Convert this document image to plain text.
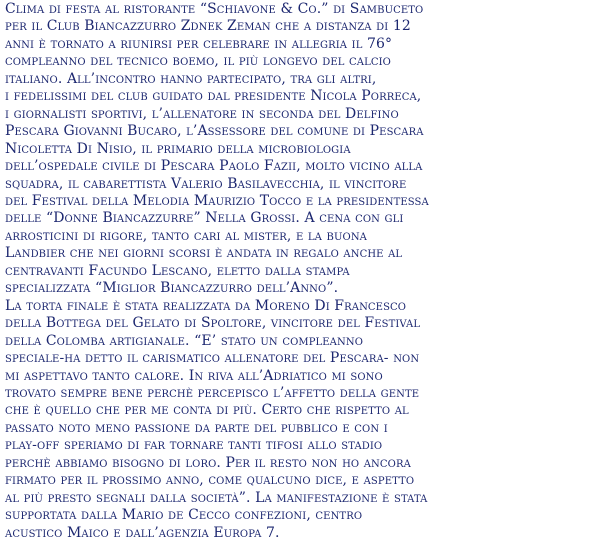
Clima di festa al ristorante “Schiavone & Co.” di Sambuceto
per il Club Biancazzurro Zdnek Zeman che a distanza di 12
anni è tornato a riunirsi per celebrare in allegria il 76°
compleanno del tecnico boemo, il più longevo del calcio
italiano. All’incontro hanno partecipato, tra gli altri,
i fedelissimi del club guidato dal presidente Nicola Porreca,
i giornalisti sportivi, l’allenatore in seconda del Delfino
Pescara Giovanni Bucaro, l’Assessore del comune di Pescara
Nicoletta Di Nisio, il primario della microbiologia
dell’ospedale civile di Pescara Paolo Fazii, molto vicino alla
squadra, il cabarettista Valerio Basilavecchia, il vincitore
del Festival della Melodia Maurizio Tocco e la presidentessa
delle “Donne Biancazzurre” Nella Grossi. A cena con gli
arrosticini di rigore, tanto cari al mister, e la buona
Landbier che nei giorni scorsi è andata in regalo anche al
centravanti Facundo Lescano, eletto dalla stampa
specializzata “Miglior Biancazzurro dell’Anno”.
La torta finale è stata realizzata da Moreno Di Francesco
della Bottega del Gelato di Spoltore, vincitore del Festival
della Colomba artigianale. “E’ stato un compleanno
speciale-ha detto il carismatico allenatore del Pescara- non
mi aspettavo tanto calore. In riva all’Adriatico mi sono
trovato sempre bene perchè percepisco l’affetto della gente
che è quello che per me conta di più. Certo che rispetto al
passato noto meno passione da parte del pubblico e con i
play-off speriamo di far tornare tanti tifosi allo stadio
perchè abbiamo bisogno di loro. Per il resto non ho ancora
firmato per il prossimo anno, come qualcuno dice, e aspetto
al più presto segnali dalla società”. La manifestazione è stata
supportata dalla Mario de Cecco confezioni, centro
acustico Maico e dall’agenzia Europa 7.
